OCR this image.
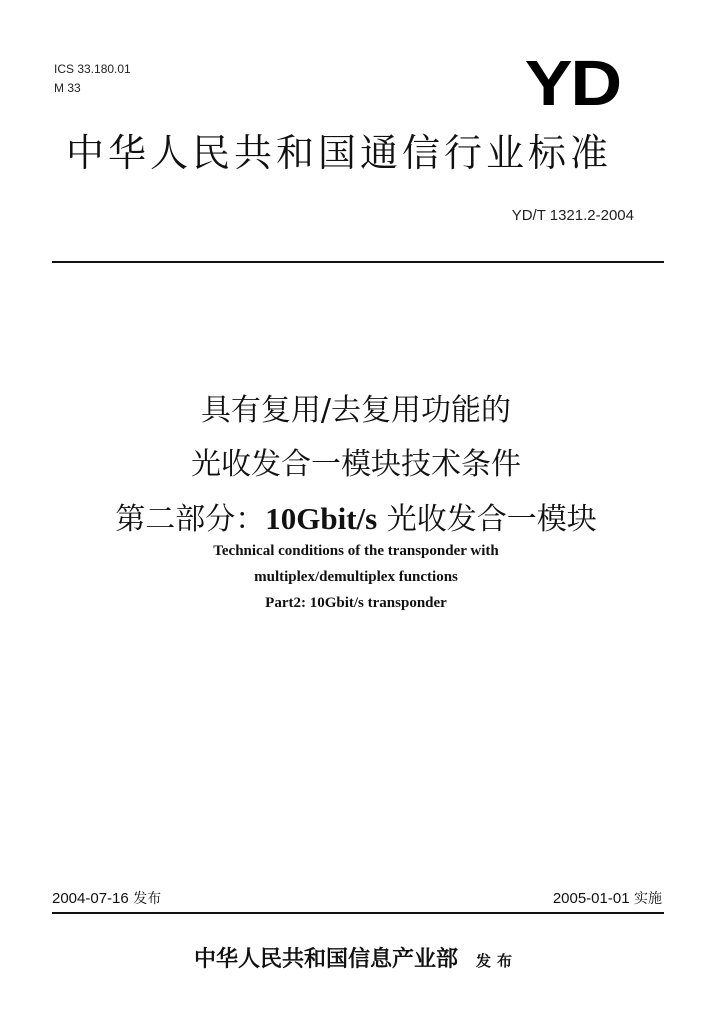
ICS 33.180.01
M 33	YD
中华人民共和国通信行业标准
YD/T 1321.2-2004
具有复用/去复用功能的
光收发合一模块技术条件
第二部分：10Gbit/s 光收发合一模块
Technical conditions of the transponder with
multiplex/demultiplex functions
Part2: 10Gbit/s transponder
2004-07-16 发布	2005-01-01 实施
中华人民共和国信息产业部 发布
